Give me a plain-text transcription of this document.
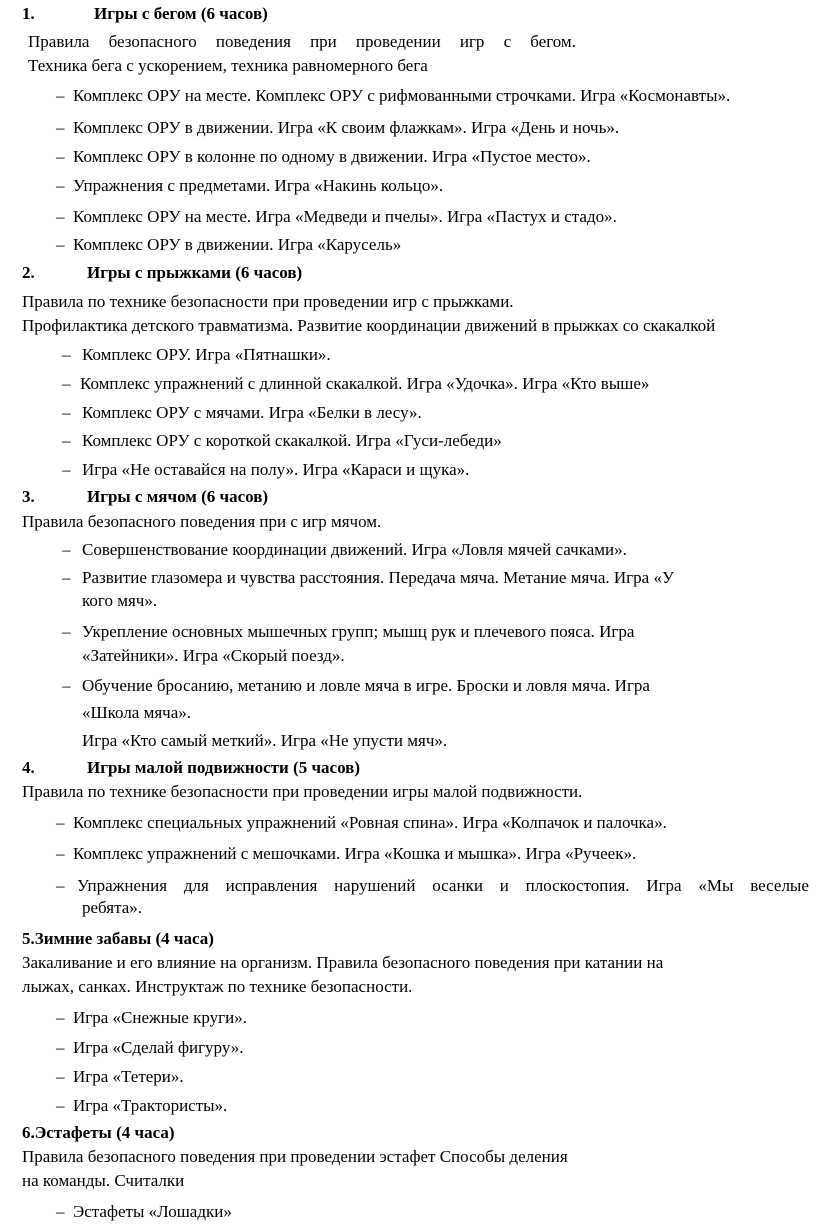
1.	Игры с бегом (6 часов)
Правила безопасного поведения при проведении игр с бегом.
Техника бега с ускорением, техника равномерного бега
– Комплекс ОРУ на месте. Комплекс ОРУ с рифмованными строчками. Игра «Космонавты».
– Комплекс ОРУ в движении. Игра «К своим флажкам». Игра «День и ночь».
– Комплекс ОРУ в колонне по одному в движении. Игра «Пустое место».
– Упражнения с предметами. Игра «Накинь кольцо».
– Комплекс ОРУ на месте. Игра «Медведи и пчелы». Игра «Пастух и стадо».
– Комплекс ОРУ в движении. Игра «Карусель»
2.	Игры с прыжками (6 часов)
Правила по технике безопасности при проведении игр с прыжками.
Профилактика детского травматизма. Развитие координации движений в прыжках со скакалкой
– Комплекс ОРУ. Игра «Пятнашки».
– Комплекс упражнений с длинной скакалкой. Игра «Удочка». Игра «Кто выше»
– Комплекс ОРУ с мячами. Игра «Белки в лесу».
– Комплекс ОРУ с короткой скакалкой. Игра «Гуси-лебеди»
– Игра «Не оставайся на полу». Игра «Караси и щука».
3.	Игры с мячом (6 часов)
Правила безопасного поведения при с игр мячом.
– Совершенствование координации движений. Игра «Ловля мячей сачками».
– Развитие глазомера и чувства расстояния. Передача мяча. Метание мяча. Игра «У
кого мяч».
– Укрепление основных мышечных групп; мышц рук и плечевого пояса. Игра
«Затейники». Игра «Скорый поезд».
– Обучение бросанию, метанию и ловле мяча в игре. Броски и ловля мяча. Игра
«Школа мяча».
Игра «Кто самый меткий». Игра «Не упусти мяч».
4.	Игры малой подвижности (5 часов)
Правила по технике безопасности при проведении игры малой подвижности.
– Комплекс специальных упражнений «Ровная спина». Игра «Колпачок и палочка».
– Комплекс упражнений с мешочками. Игра «Кошка и мышка». Игра «Ручеек».
– Упражнения для исправления нарушений осанки и плоскостопия. Игра «Мы веселые
ребята».
5.Зимние забавы (4 часа)
Закаливание и его влияние на организм. Правила безопасного поведения при катании на
лыжах, санках. Инструктаж по технике безопасности.
– Игра «Снежные круги».
– Игра «Сделай фигуру».
– Игра «Тетери».
– Игра «Трактористы».
6.Эстафеты (4 часа)
Правила безопасного поведения при проведении эстафет Способы деления
на команды. Считалки
– Эстафеты «Лошадки»
